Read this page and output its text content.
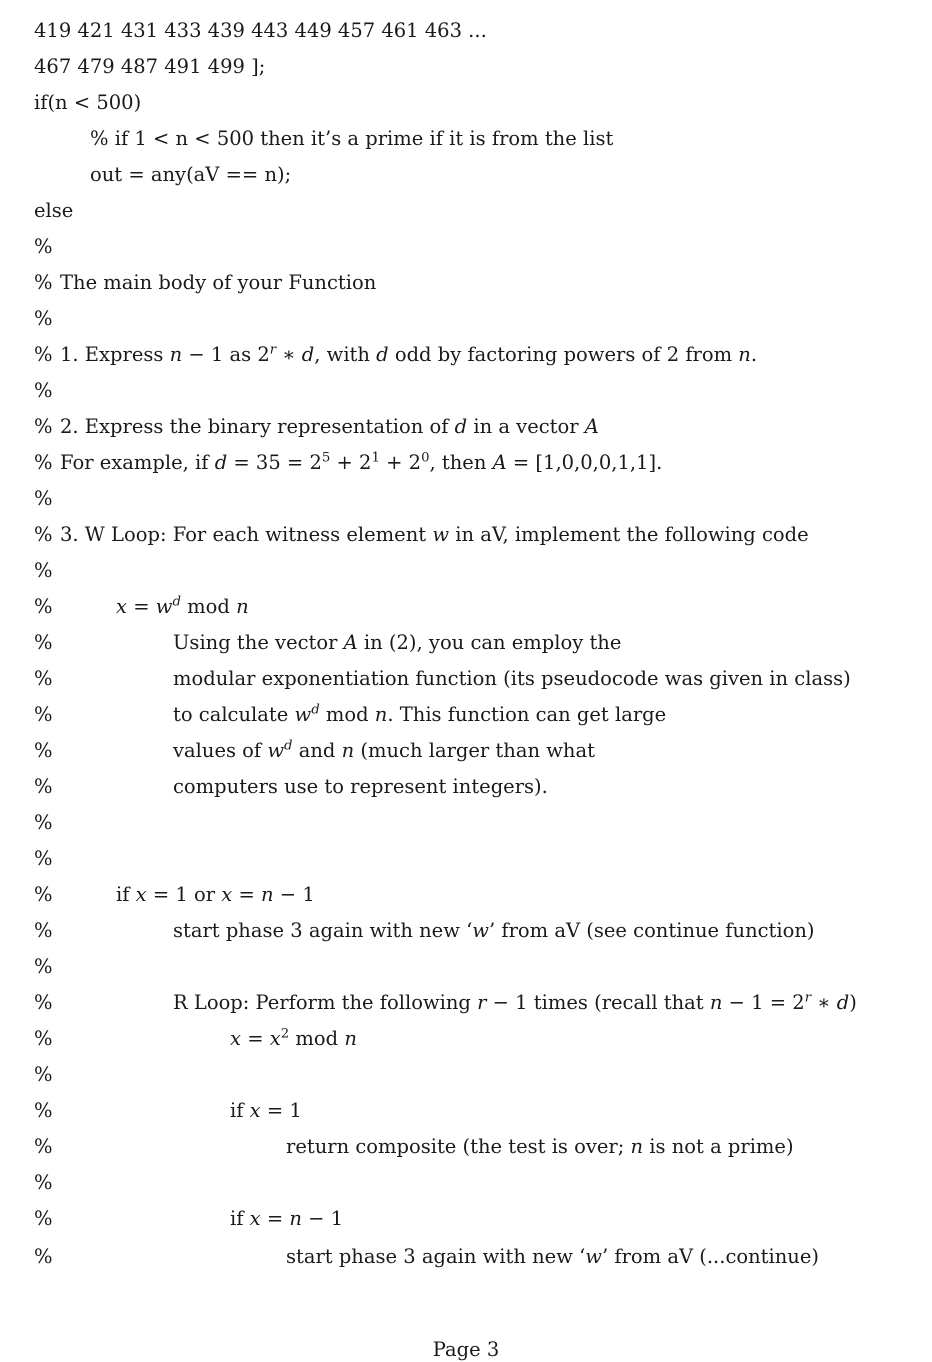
419 421 431 433 439 443 449 457 461 463 ...
467 479 487 491 499 ];
if(n < 500)
% if 1 < n < 500 then it’s a prime if it is from the list
out = any(aV == n);
else
%
% The main body of your Function
%
% 1. Express n − 1 as 2$^r$ ∗ d, with d odd by factoring powers of 2 from n.
%
% 2. Express the binary representation of d in a vector A
% For example, if $d = 35 = 2^5 + 2^1 + 2^0$, then A = [1,0,0,0,1,1].
%
% 3. W Loop: For each witness element w in aV, implement the following code
%
%	$x = w^d$ mod n
%	Using the vector A in (2), you can employ the
%	modular exponentiation function (its pseudocode was given in class)
%	to calculate $w^d$ mod n. This function can get large
%	values of $w^d$ and n (much larger than what
%	computers use to represent integers).
%
%
%	if x = 1 or x = n − 1
%	start phase 3 again with new ‘w’ from aV (see continue function)
%
%	R Loop: Perform the following r − 1 times (recall that $n - 1 = 2^r$ ∗ d)
%	$x = x^2$ mod n
%
%	if x = 1
%	return composite (the test is over; n is not a prime)
%
%	if x = n − 1
%	start phase 3 again with new ‘w’ from aV (...continue)
Page 3
